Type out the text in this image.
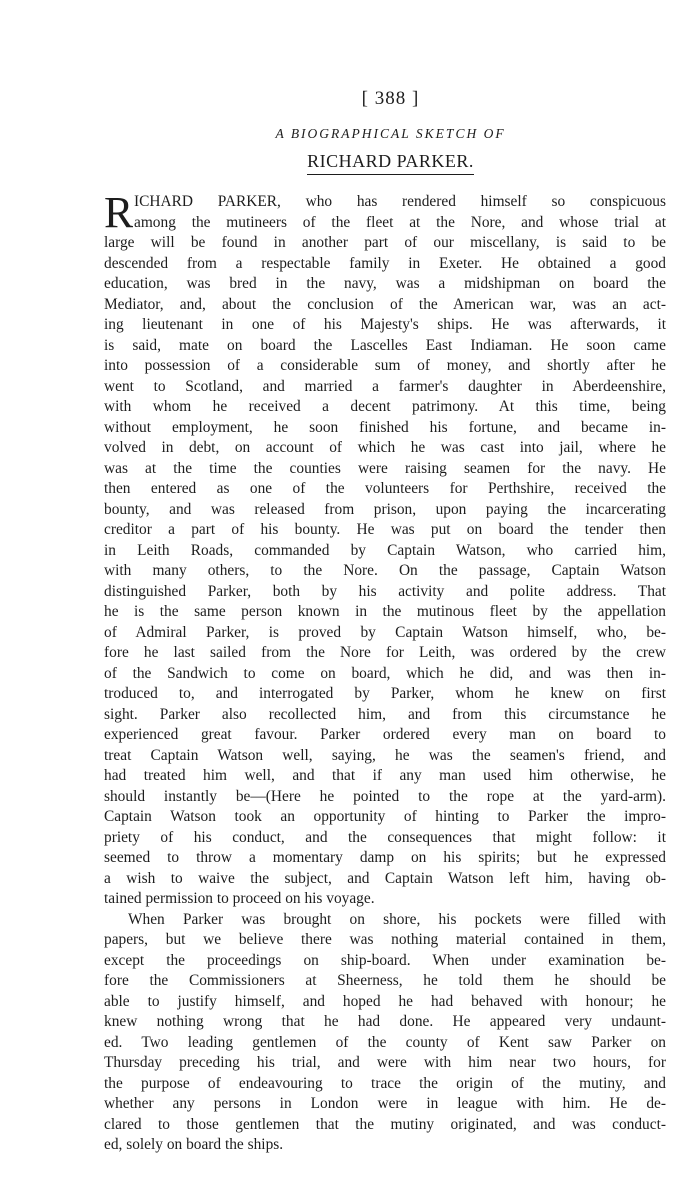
[ 388 ]
A BIOGRAPHICAL SKETCH OF
RICHARD PARKER.
R ICHARD PARKER, who has rendered himself so conspicuous
among the mutineers of the fleet at the Nore, and whose trial at
large will be found in another part of our miscellany, is said to be
descended from a respectable family in Exeter. He obtained a good
education, was bred in the navy, was a midshipman on board the
Mediator, and, about the conclusion of the American war, was an act-
ing lieutenant in one of his Majesty's ships. He was afterwards, it
is said, mate on board the Lascelles East Indiaman. He soon came
into possession of a considerable sum of money, and shortly after he
went to Scotland, and married a farmer's daughter in Aberdeenshire,
with whom he received a decent patrimony. At this time, being
without employment, he soon finished his fortune, and became in-
volved in debt, on account of which he was cast into jail, where he
was at the time the counties were raising seamen for the navy. He
then entered as one of the volunteers for Perthshire, received the
bounty, and was released from prison, upon paying the incarcerating
creditor a part of his bounty. He was put on board the tender then
in Leith Roads, commanded by Captain Watson, who carried him,
with many others, to the Nore. On the passage, Captain Watson
distinguished Parker, both by his activity and polite address. That
he is the same person known in the mutinous fleet by the appellation
of Admiral Parker, is proved by Captain Watson himself, who, be-
fore he last sailed from the Nore for Leith, was ordered by the crew
of the Sandwich to come on board, which he did, and was then in-
troduced to, and interrogated by Parker, whom he knew on first
sight. Parker also recollected him, and from this circumstance he
experienced great favour. Parker ordered every man on board to
treat Captain Watson well, saying, he was the seamen's friend, and
had treated him well, and that if any man used him otherwise, he
should instantly be—(Here he pointed to the rope at the yard-arm).
Captain Watson took an opportunity of hinting to Parker the impro-
priety of his conduct, and the consequences that might follow: it
seemed to throw a momentary damp on his spirits; but he expressed
a wish to waive the subject, and Captain Watson left him, having ob-
tained permission to proceed on his voyage.
When Parker was brought on shore, his pockets were filled with
papers, but we believe there was nothing material contained in them,
except the proceedings on ship-board. When under examination be-
fore the Commissioners at Sheerness, he told them he should be
able to justify himself, and hoped he had behaved with honour; he
knew nothing wrong that he had done. He appeared very undaunt-
ed. Two leading gentlemen of the county of Kent saw Parker on
Thursday preceding his trial, and were with him near two hours, for
the purpose of endeavouring to trace the origin of the mutiny, and
whether any persons in London were in league with him. He de-
clared to those gentlemen that the mutiny originated, and was conduct-
ed, solely on board the ships.
